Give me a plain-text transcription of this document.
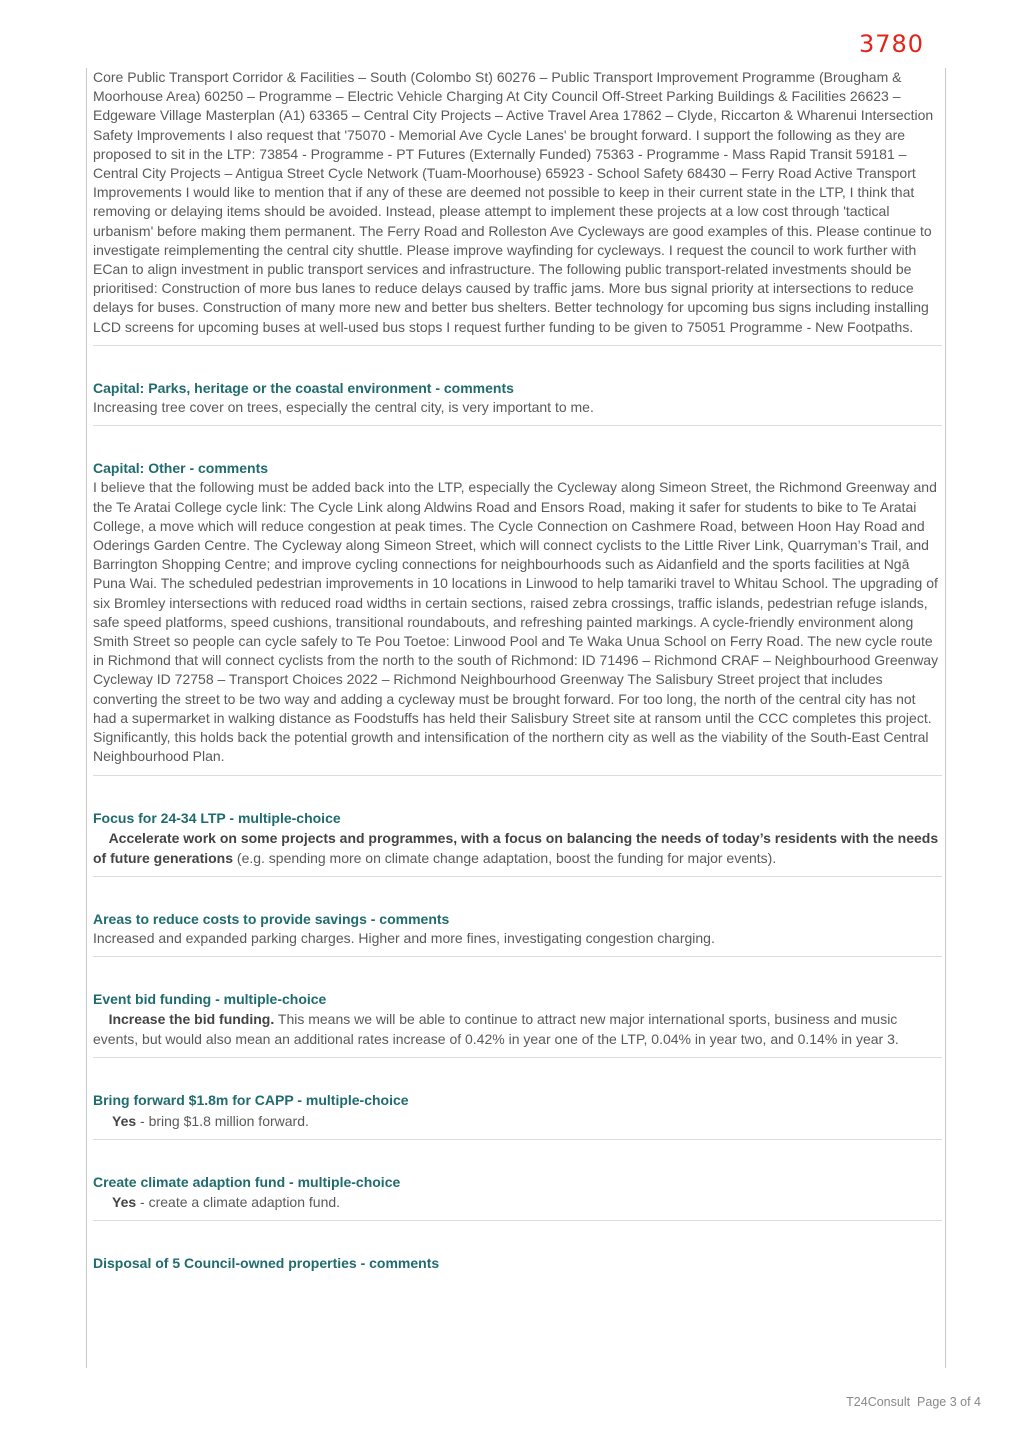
3780

Core Public Transport Corridor & Facilities – South (Colombo St) 60276 – Public Transport Improvement Programme (Brougham & Moorhouse Area) 60250 – Programme – Electric Vehicle Charging At City Council Off-Street Parking Buildings & Facilities 26623 – Edgeware Village Masterplan (A1) 63365 – Central City Projects – Active Travel Area 17862 – Clyde, Riccarton & Wharenui Intersection Safety Improvements I also request that '75070 - Memorial Ave Cycle Lanes' be brought forward. I support the following as they are proposed to sit in the LTP: 73854 - Programme - PT Futures (Externally Funded) 75363 - Programme - Mass Rapid Transit 59181 – Central City Projects – Antigua Street Cycle Network (Tuam-Moorhouse) 65923 - School Safety 68430 – Ferry Road Active Transport Improvements I would like to mention that if any of these are deemed not possible to keep in their current state in the LTP, I think that removing or delaying items should be avoided. Instead, please attempt to implement these projects at a low cost through 'tactical urbanism' before making them permanent. The Ferry Road and Rolleston Ave Cycleways are good examples of this. Please continue to investigate reimplementing the central city shuttle. Please improve wayfinding for cycleways. I request the council to work further with ECan to align investment in public transport services and infrastructure. The following public transport-related investments should be prioritised: Construction of more bus lanes to reduce delays caused by traffic jams. More bus signal priority at intersections to reduce delays for buses. Construction of many more new and better bus shelters. Better technology for upcoming bus signs including installing LCD screens for upcoming buses at well-used bus stops I request further funding to be given to 75051 Programme - New Footpaths.

Capital: Parks, heritage or the coastal environment - comments

Increasing tree cover on trees, especially the central city, is very important to me.

Capital: Other - comments

I believe that the following must be added back into the LTP, especially the Cycleway along Simeon Street, the Richmond Greenway and the Te Aratai College cycle link: The Cycle Link along Aldwins Road and Ensors Road, making it safer for students to bike to Te Aratai College, a move which will reduce congestion at peak times. The Cycle Connection on Cashmere Road, between Hoon Hay Road and Oderings Garden Centre. The Cycleway along Simeon Street, which will connect cyclists to the Little River Link, Quarryman’s Trail, and Barrington Shopping Centre; and improve cycling connections for neighbourhoods such as Aidanfield and the sports facilities at Ngā Puna Wai. The scheduled pedestrian improvements in 10 locations in Linwood to help tamariki travel to Whitau School. The upgrading of six Bromley intersections with reduced road widths in certain sections, raised zebra crossings, traffic islands, pedestrian refuge islands, safe speed platforms, speed cushions, transitional roundabouts, and refreshing painted markings. A cycle-friendly environment along Smith Street so people can cycle safely to Te Pou Toetoe: Linwood Pool and Te Waka Unua School on Ferry Road. The new cycle route in Richmond that will connect cyclists from the north to the south of Richmond: ID 71496 – Richmond CRAF – Neighbourhood Greenway Cycleway ID 72758 – Transport Choices 2022 – Richmond Neighbourhood Greenway The Salisbury Street project that includes converting the street to be two way and adding a cycleway must be brought forward. For too long, the north of the central city has not had a supermarket in walking distance as Foodstuffs has held their Salisbury Street site at ransom until the CCC completes this project. Significantly, this holds back the potential growth and intensification of the northern city as well as the viability of the South-East Central Neighbourhood Plan.

Focus for 24-34 LTP - multiple-choice

Accelerate work on some projects and programmes, with a focus on balancing the needs of today’s residents with the needs of future generations (e.g. spending more on climate change adaptation, boost the funding for major events).

Areas to reduce costs to provide savings - comments

Increased and expanded parking charges. Higher and more fines, investigating congestion charging.

Event bid funding - multiple-choice

Increase the bid funding. This means we will be able to continue to attract new major international sports, business and music events, but would also mean an additional rates increase of 0.42% in year one of the LTP, 0.04% in year two, and 0.14% in year 3.

Bring forward $1.8m for CAPP - multiple-choice

Yes - bring $1.8 million forward.

Create climate adaption fund - multiple-choice

Yes - create a climate adaption fund.

Disposal of 5 Council-owned properties - comments
T24Consult Page 3 of 4
